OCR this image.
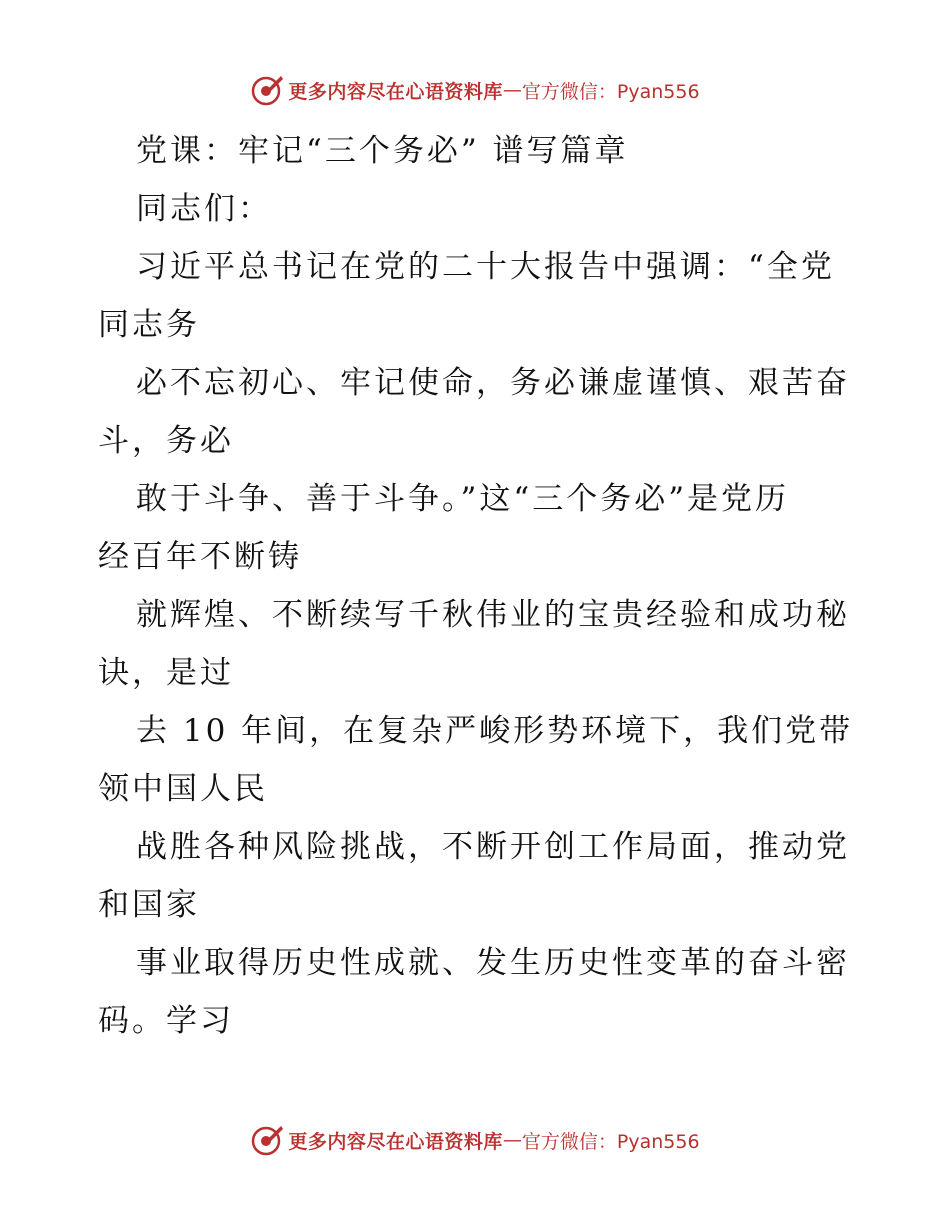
更多内容尽在心语资料库 — 官方微信：Pyan556
党课：牢记“三个务必” 谱写篇章
同志们：
习近平总书记在党的二十大报告中强调：“全党
同志务
必不忘初心、牢记使命，务必谦虚谨慎、艰苦奋
斗，务必
敢于斗争、善于斗争。”这“三个务必”是党历
经百年不断铸
就辉煌、不断续写千秋伟业的宝贵经验和成功秘
诀，是过
去 10 年间，在复杂严峻形势环境下，我们党带
领中国人民
战胜各种风险挑战，不断开创工作局面，推动党
和国家
事业取得历史性成就、发生历史性变革的奋斗密
码。学习
更多内容尽在心语资料库 — 官方微信：Pyan556
